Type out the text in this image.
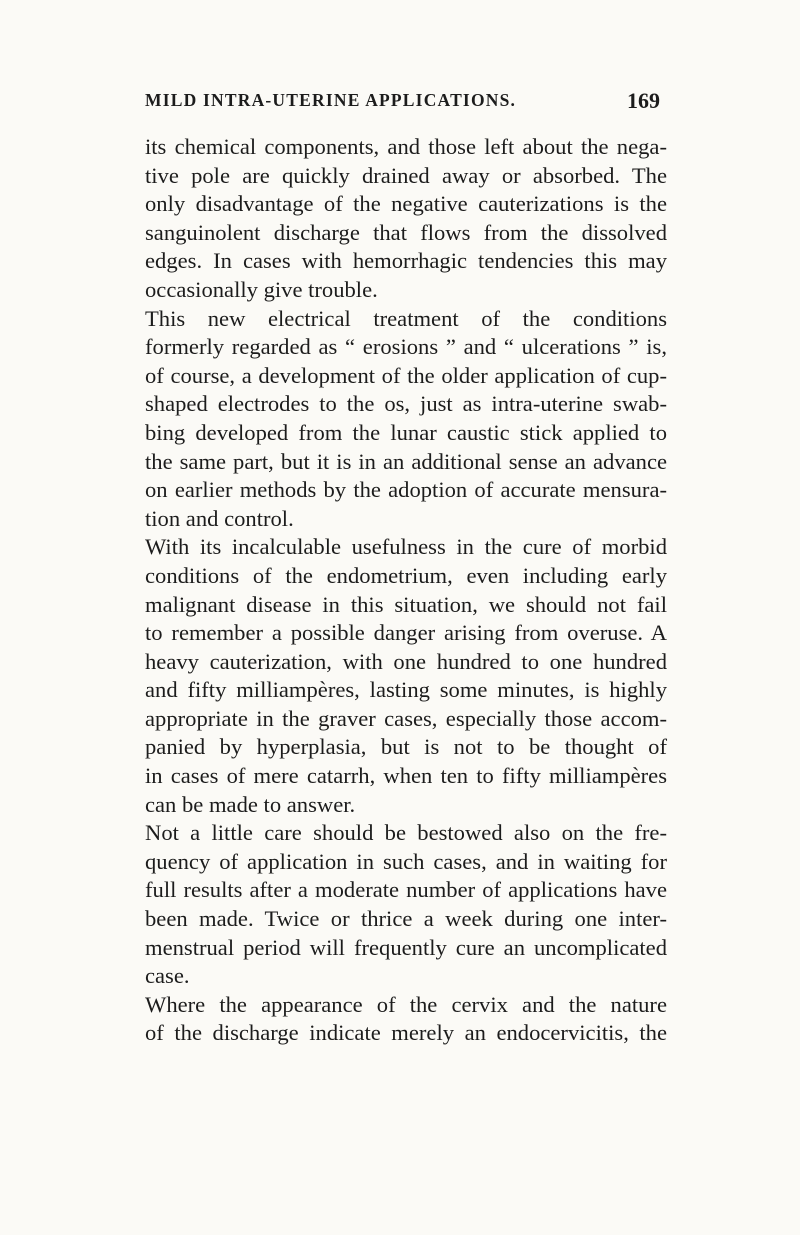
MILD INTRA-UTERINE APPLICATIONS.	169
its chemical components, and those left about the nega-
tive pole are quickly drained away or absorbed. The
only disadvantage of the negative cauterizations is the
sanguinolent discharge that flows from the dissolved
edges. In cases with hemorrhagic tendencies this may
occasionally give trouble.
This new electrical treatment of the conditions
formerly regarded as “ erosions ” and “ ulcerations ” is,
of course, a development of the older application of cup-
shaped electrodes to the os, just as intra-uterine swab-
bing developed from the lunar caustic stick applied to
the same part, but it is in an additional sense an advance
on earlier methods by the adoption of accurate mensura-
tion and control.
With its incalculable usefulness in the cure of morbid
conditions of the endometrium, even including early
malignant disease in this situation, we should not fail
to remember a possible danger arising from overuse. A
heavy cauterization, with one hundred to one hundred
and fifty milliampères, lasting some minutes, is highly
appropriate in the graver cases, especially those accom-
panied by hyperplasia, but is not to be thought of
in cases of mere catarrh, when ten to fifty milliampères
can be made to answer.
Not a little care should be bestowed also on the fre-
quency of application in such cases, and in waiting for
full results after a moderate number of applications have
been made. Twice or thrice a week during one inter-
menstrual period will frequently cure an uncomplicated
case.
Where the appearance of the cervix and the nature
of the discharge indicate merely an endocervicitis, the
